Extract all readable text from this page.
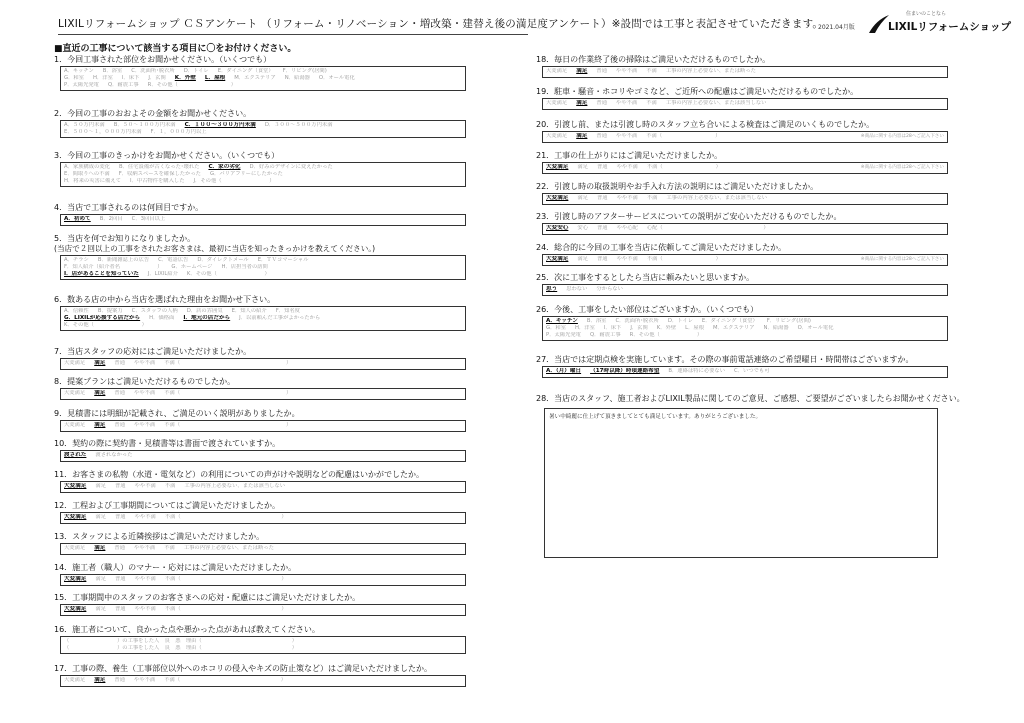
LIXILリフォームショップ ＣＳアンケート （リフォーム・リノベーション・増改築・建替え後の満足度アンケート）※設問では工事と表記させていただきます。
2021.04月版
住まいのことなら
LIXILリフォームショップ
■直近の工事について該当する項目に〇をお付けください。
28．当店のスタッフ、施工者およびLIXIL製品に関してのご意見、ご感想、ご要望がございましたらお聞かせください。
暑い中綺麗に仕上げて頂きましてとても満足しています。ありがとうございました。
1．今回工事された部位をお聞かせください。（いくつでも）
A．キッチン B．浴室 C．洗面所･脱衣所 D．トイレ E．ダイニング（食堂） F．リビング(居間)
G．和室 H．洋室 I．床下 J．玄関 K．外壁 L．屋根 M．エクステリア N．給湯器 O．オール電化
P．太陽光発電 Q．耐震工事 R．その他（　　　　　　　　　　）
2．今回の工事のおおよその金額をお聞かせください。
A．５０万円未満 B．５０～１００万円未満 C．１００～３００万円未満 D．３００～５００万円未満
E．５００～１，０００万円未満 F．１，０００万円以上
3．今回の工事のきっかけをお聞かせください。（いくつでも）
A．家族構成の変化 B．住宅設備が古くなった･壊れた C．家の劣化 D．好みのデザインに変えたかった
E．間取りへの不満 F．収納スペースを確保したかった G．バリアフリーにしたかった
H．将来の災害に備えて I．中古物件を購入した J．その他（　　　　　　　　　）
4．当店で工事されるのは何回目ですか。
A．初めて B．2回目 C．3回目以上
5．当店を何でお知りになりましたか。
(当店で２回以上の工事をされたお客さまは、最初に当店を知ったきっかけを教えてください。)
A．チラシ B．新聞雑誌上の広告 C．電話広告 D．ダイレクトメール E．ＴＶコマーシャル
F．知人紹介（紹介者名　　　　　　　） G．ホームページ H．店担当者の訪問
I．店があることを知っていた J．LIXIL紹介 K．その他（　　　　　　　　　）
6．数ある店の中から当店を選ばれた理由をお聞かせ下さい。
A．信頼性 B．提案力 C．スタッフの人柄 D．店の雰囲気 E．知人の紹介 F．知名度
G．LIXILが応援する店だから H．価格面 I．地元の店だから J．以前頼んだ工事がよかったから
K．その他（　　　　　　　　　）
7．当店スタッフの応対にはご満足いただけましたか。
大変満足 満足 普通 やや不満 不満（　　　　　　　　　　　　　　　　　　　　）
8．提案プランはご満足いただけるものでしたか。
大変満足 満足 普通 やや不満 不満（　　　　　　　　　　　　　　　　　　　　）
9．見積書には明細が記載され、ご満足のいく説明がありましたか。
大変満足 満足 普通 やや不満 不満（　　　　　　　　　　　　　　　　　　　　）
10．契約の際に契約書・見積書等は書面で渡されていますか。
渡された 渡されなかった
11．お客さまの私物（水道・電気など）の利用についての声がけや説明などの配慮はいかがでしたか。
大変満足 満足 普通 やや不満 不満 工事の内容上必要ない、または該当しない
12．工程および工事期間についてはご満足いただけましたか。
大変満足 満足 普通 やや不満 不満（　　　　　　　　　　　　　　　　　　　）
13．スタッフによる近隣挨拶はご満足いただけましたか。
大変満足 満足 普通 やや不満 不満 工事の内容上必要ない、または断った
14．施工者（職人）のマナー・応対にはご満足いただけましたか。
大変満足 満足 普通 やや不満 不満（　　　　　　　　　　　　　　　　　　　）
15．工事期間中のスタッフのお客さまへの応対・配慮にはご満足いただけましたか。
大変満足 満足 普通 やや不満 不満（　　　　　　　　　　　　　　　　　　　）
16．施工者について、良かった点や悪かった点があれば教えてください。
（　　　　　　　　　）の工事をした人　良　悪　理由（　　　　　　　　　　　　　　　　　）
（　　　　　　　　　）の工事をした人　良　悪　理由（　　　　　　　　　　　　　　　　　）
17．工事の際、養生（工事部位以外へのホコリの侵入やキズの防止策など）はご満足いただけましたか。
大変満足 満足 普通 やや不満 不満（　　　　　　　　　　　　　　　　　　　）
18．毎日の作業終了後の掃除はご満足いただけるものでしたか。
大変満足 満足 普通 やや不満 不満 工事の内容上必要ない、または断った
19．駐車・騒音・ホコリやゴミなど、ご近所への配慮はご満足いただけるものでしたか。
大変満足 満足 普通 やや不満 不満 工事の内容上必要ない、または該当しない
20．引渡し前、または引渡し時のスタッフ立ち合いによる検査はご満足のいくものでしたか。
大変満足 満足 普通 やや不満 不満（　　　　　　　　　　）	※商品に関する内容は28へご記入下さい
21．工事の仕上がりにはご満足いただけましたか。
大変満足 満足 普通 やや不満 不満（　　　　　　　　　　）	※商品に関する内容は28へご記入下さい
22．引渡し時の取扱説明やお手入れ方法の説明にはご満足いただけましたか。
大変満足 満足 普通 やや不満 不満 工事の内容上必要ない、または該当しない
23．引渡し時のアフターサービスについての説明がご安心いただけるものでしたか。
大変安心 安心 普通 やや心配 心配（　　　　　　　　　　　　　　　　　　　）
24．総合的に今回の工事を当店に依頼してご満足いただけましたか。
大変満足 満足 普通 やや不満 不満（　　　　　　　　　　）	※商品に関する内容は28へご記入下さい
25．次に工事をするとしたら当店に頼みたいと思いますか。
思う 思わない 分からない
26．今後、工事をしたい部位はございますか。（いくつでも）
A．キッチン B．浴室 C．洗面所･脱衣所 D．トイレ E．ダイニング（食堂） F．リビング(居間)
G．和室 H．洋室 I．床下 J．玄関 K．外壁 L．屋根 M．エクステリア N．給湯器 O．オール電化
P．太陽光発電 Q．耐震工事 R．その他（　　　　　　　）
27．当店では定期点検を実施しています。その際の事前電話連絡のご希望曜日・時間帯はございますか。
A．（月）曜日 （17時以降）時頃連絡希望 B．連絡は特に必要ない C．いつでも可
